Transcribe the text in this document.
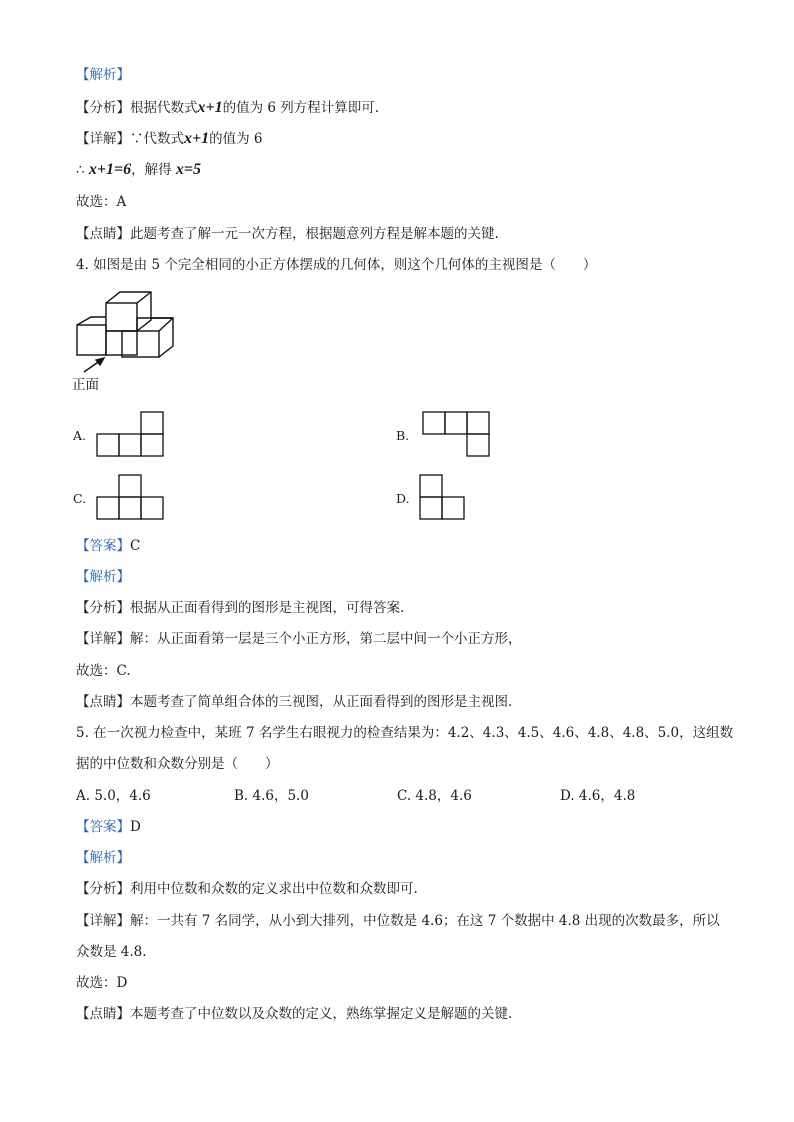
【解析】
【分析】根据代数式x+1的值为 6 列方程计算即可.
【详解】∵代数式x+1的值为 6
∴ x+1=6，解得 x=5
故选：A
【点睛】此题考查了解一元一次方程，根据题意列方程是解本题的关键.
4. 如图是由 5 个完全相同的小正方体摆成的几何体，则这个几何体的主视图是（　　）
正面
A.	B.
C.	D.
【答案】C
【解析】
【分析】根据从正面看得到的图形是主视图，可得答案.
【详解】解：从正面看第一层是三个小正方形，第二层中间一个小正方形，
故选：C.
【点睛】本题考查了简单组合体的三视图，从正面看得到的图形是主视图.
5. 在一次视力检查中，某班 7 名学生右眼视力的检查结果为：4.2、4.3、4.5、4.6、4.8、4.8、5.0，这组数
据的中位数和众数分别是（　　）
A. 5.0，4.6	B. 4.6，5.0	C. 4.8，4.6	D. 4.6，4.8
【答案】D
【解析】
【分析】利用中位数和众数的定义求出中位数和众数即可.
【详解】解：一共有 7 名同学，从小到大排列，中位数是 4.6；在这 7 个数据中 4.8 出现的次数最多，所以
众数是 4.8.
故选：D
【点睛】本题考查了中位数以及众数的定义，熟练掌握定义是解题的关键.
